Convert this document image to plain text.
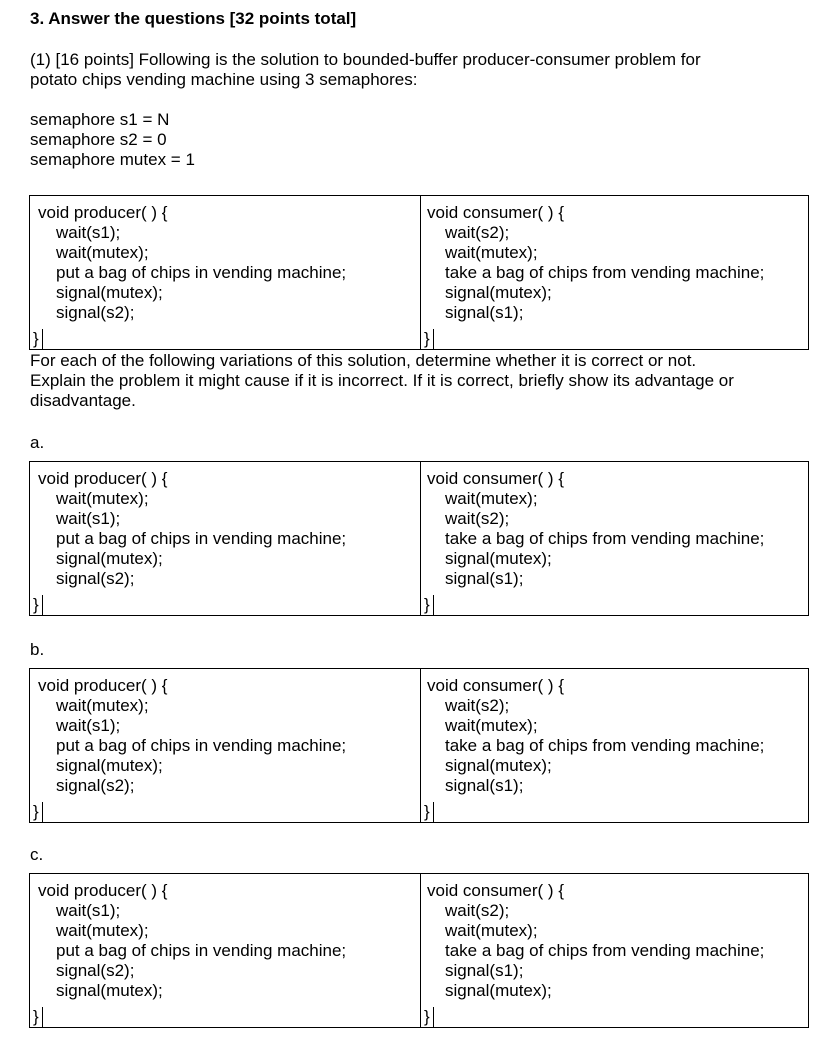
3. Answer the questions [32 points total]
(1) [16 points] Following is the solution to bounded-buffer producer-consumer problem for
potato chips vending machine using 3 semaphores:
semaphore s1 = N
semaphore s2 = 0
semaphore mutex = 1
void producer( ) {
wait(s1);
wait(mutex);
put a bag of chips in vending machine;
signal(mutex);
signal(s2);
}
void consumer( ) {
wait(s2);
wait(mutex);
take a bag of chips from vending machine;
signal(mutex);
signal(s1);
}
For each of the following variations of this solution, determine whether it is correct or not.
Explain the problem it might cause if it is incorrect. If it is correct, briefly show its advantage or
disadvantage.
a.
void producer( ) {
wait(mutex);
wait(s1);
put a bag of chips in vending machine;
signal(mutex);
signal(s2);
}
void consumer( ) {
wait(mutex);
wait(s2);
take a bag of chips from vending machine;
signal(mutex);
signal(s1);
}
b.
void producer( ) {
wait(mutex);
wait(s1);
put a bag of chips in vending machine;
signal(mutex);
signal(s2);
}
void consumer( ) {
wait(s2);
wait(mutex);
take a bag of chips from vending machine;
signal(mutex);
signal(s1);
}
c.
void producer( ) {
wait(s1);
wait(mutex);
put a bag of chips in vending machine;
signal(s2);
signal(mutex);
}
void consumer( ) {
wait(s2);
wait(mutex);
take a bag of chips from vending machine;
signal(s1);
signal(mutex);
}
